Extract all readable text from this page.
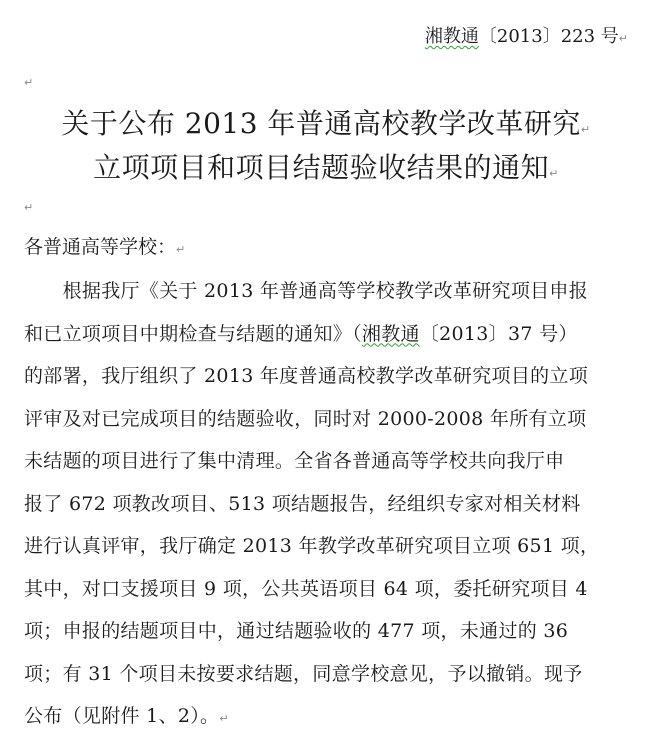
湘教通〔2013〕223 号↵
↵
关于公布 2013 年普通高校教学改革研究↵
立项项目和项目结题验收结果的通知↵
↵
各普通高等学校：↵
　　根据我厅《关于 2013 年普通高等学校教学改革研究项目申报
和已立项项目中期检查与结题的通知》（湘教通〔2013〕37 号）
的部署，我厅组织了 2013 年度普通高校教学改革研究项目的立项
评审及对已完成项目的结题验收，同时对 2000-2008 年所有立项
未结题的项目进行了集中清理。全省各普通高等学校共向我厅申
报了 672 项教改项目、513 项结题报告，经组织专家对相关材料
进行认真评审，我厅确定 2013 年教学改革研究项目立项 651 项，
其中，对口支援项目 9 项，公共英语项目 64 项，委托研究项目 4
项；申报的结题项目中，通过结题验收的 477 项，未通过的 36
项；有 31 个项目未按要求结题，同意学校意见，予以撤销。现予
公布（见附件 1、2）。↵
